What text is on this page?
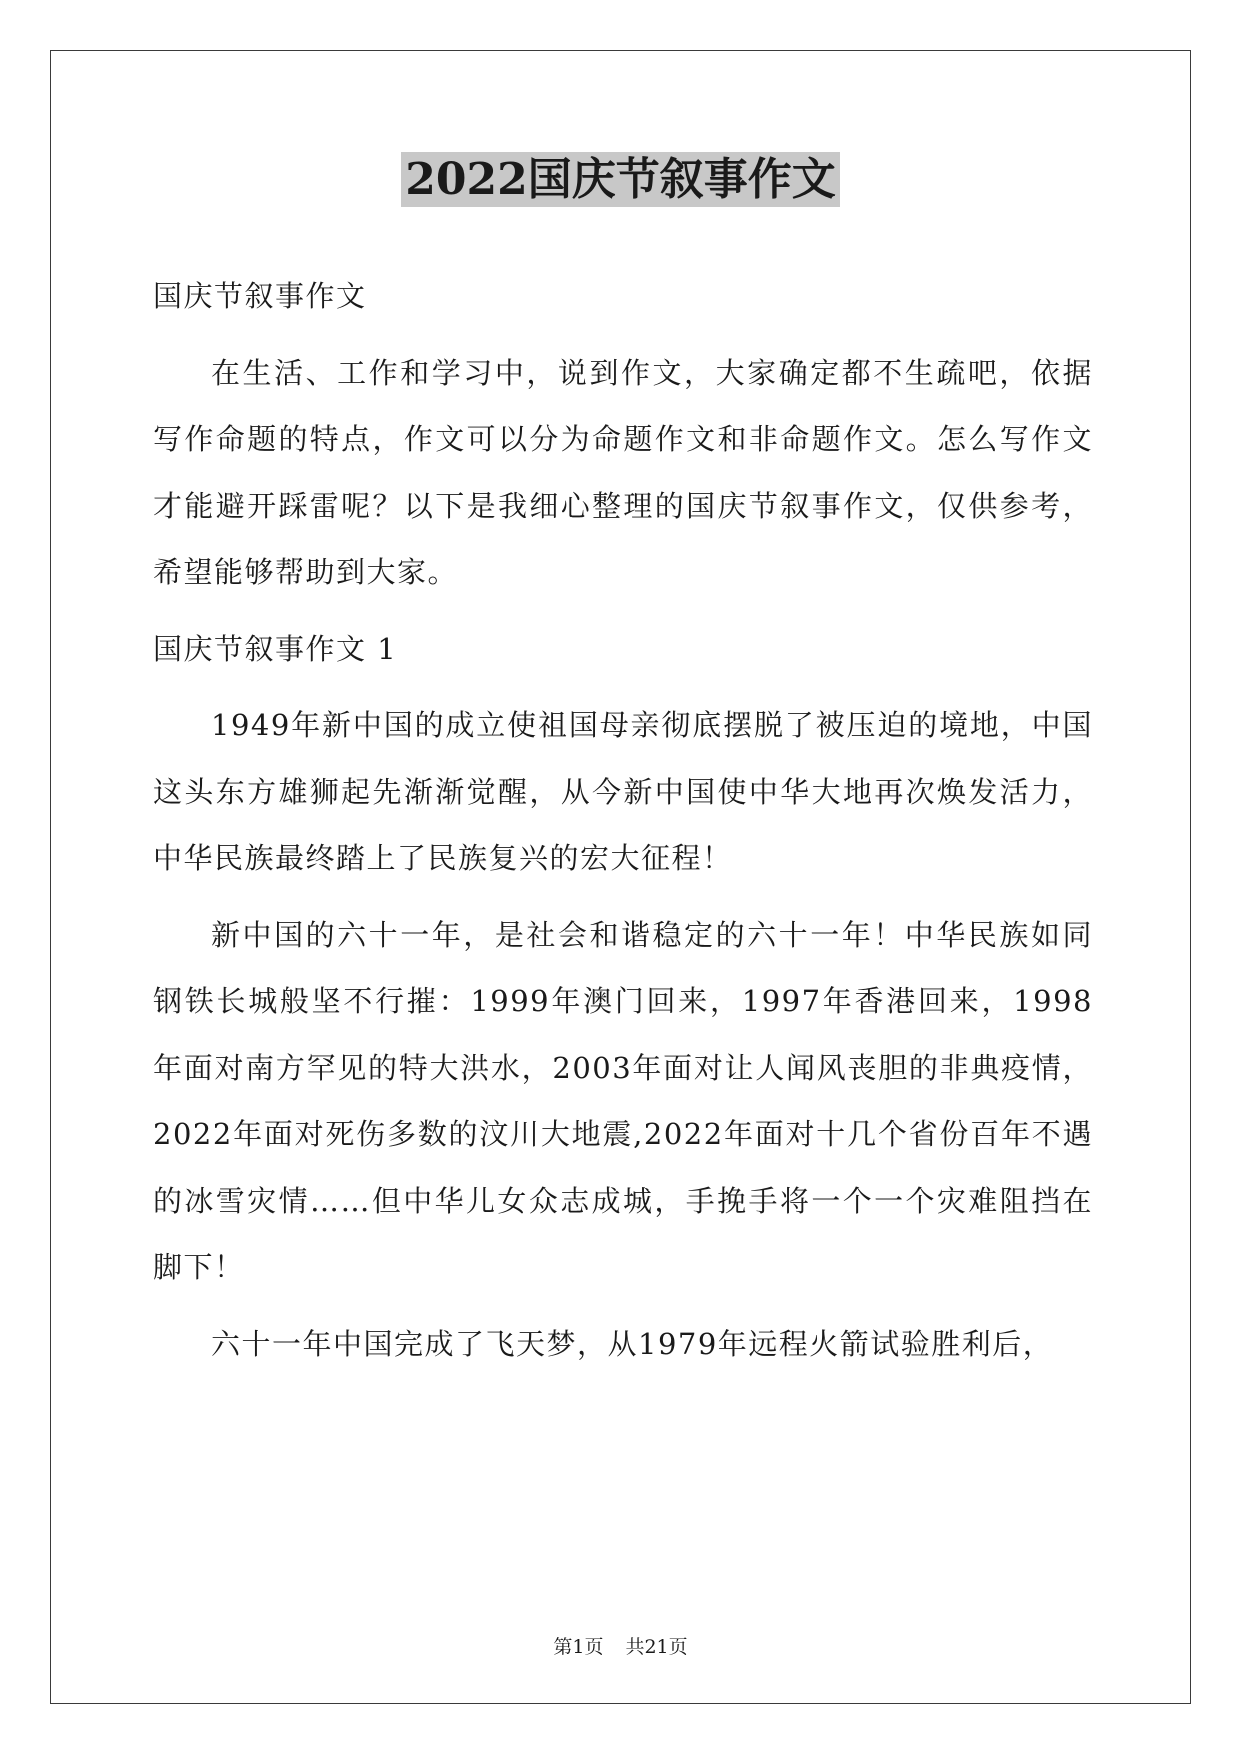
2022国庆节叙事作文

国庆节叙事作文

在生活、工作和学习中，说到作文，大家确定都不生疏吧，依据写作命题的特点，作文可以分为命题作文和非命题作文。怎么写作文才能避开踩雷呢？以下是我细心整理的国庆节叙事作文，仅供参考，希望能够帮助到大家。

国庆节叙事作文 1

1949年新中国的成立使祖国母亲彻底摆脱了被压迫的境地，中国这头东方雄狮起先渐渐觉醒，从今新中国使中华大地再次焕发活力，中华民族最终踏上了民族复兴的宏大征程！

新中国的六十一年，是社会和谐稳定的六十一年！中华民族如同钢铁长城般坚不行摧：1999年澳门回来，1997年香港回来，1998年面对南方罕见的特大洪水，2003年面对让人闻风丧胆的非典疫情，2022年面对死伤多数的汶川大地震,2022年面对十几个省份百年不遇的冰雪灾情……但中华儿女众志成城，手挽手将一个一个灾难阻挡在脚下！

六十一年中国完成了飞天梦，从1979年远程火箭试验胜利后，

第1页 共21页
